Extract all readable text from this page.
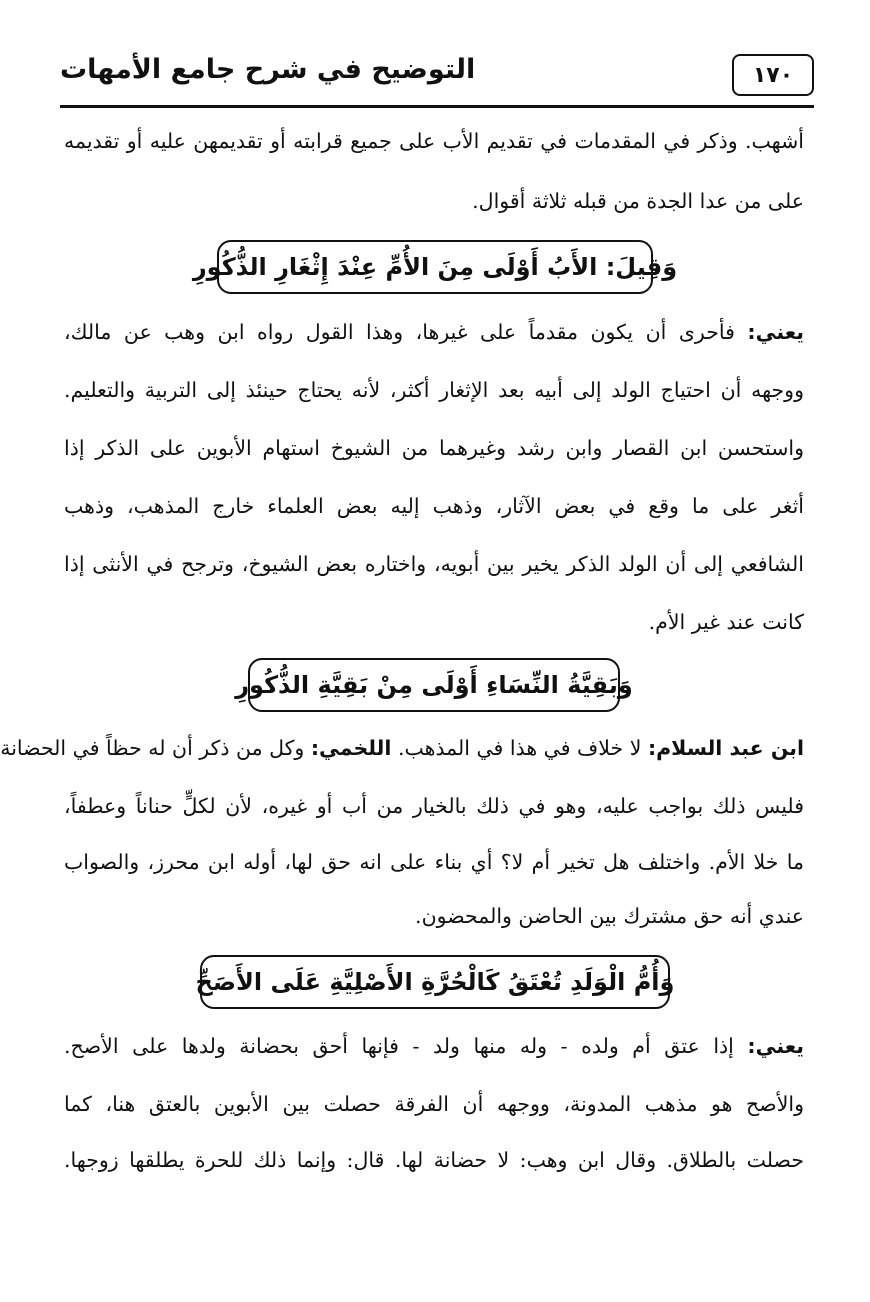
التوضيح في شرح جامع الأمهات	١٧٠
أشهب. وذكر في المقدمات في تقديم الأب على جميع قرابته أو تقديمهن عليه أو تقديمه
على من عدا الجدة من قبله ثلاثة أقوال.
وَقِيلَ: الأَبُ أَوْلَى مِنَ الأُمِّ عِنْدَ إِثْغَارِ الذُّكُورِ
يعني: فأحرى أن يكون مقدماً على غيرها، وهذا القول رواه ابن وهب عن مالك،
ووجهه أن احتياج الولد إلى أبيه بعد الإثغار أكثر، لأنه يحتاج حينئذ إلى التربية والتعليم.
واستحسن ابن القصار وابن رشد وغيرهما من الشيوخ استهام الأبوين على الذكر إذا
أثغر على ما وقع في بعض الآثار، وذهب إليه بعض العلماء خارج المذهب، وذهب
الشافعي إلى أن الولد الذكر يخير بين أبويه، واختاره بعض الشيوخ، وترجح في الأنثى إذا
كانت عند غير الأم.
وَبَقِيَّةُ النِّسَاءِ أَوْلَى مِنْ بَقِيَّةِ الذُّكُورِ
ابن عبد السلام: لا خلاف في هذا في المذهب. اللخمي: وكل من ذكر أن له حظاً في الحضانة
فليس ذلك بواجب عليه، وهو في ذلك بالخيار من أب أو غيره، لأن لكلٍّ حناناً وعطفاً،
ما خلا الأم. واختلف هل تخير أم لا؟ أي بناء على انه حق لها، أوله ابن محرز، والصواب
عندي أنه حق مشترك بين الحاضن والمحضون.
وَأُمُّ الْوَلَدِ تُعْتَقُ كَالْحُرَّةِ الأَصْلِيَّةِ عَلَى الأَصَحِّ
يعني: إذا عتق أم ولده - وله منها ولد - فإنها أحق بحضانة ولدها على الأصح.
والأصح هو مذهب المدونة، ووجهه أن الفرقة حصلت بين الأبوين بالعتق هنا، كما
حصلت بالطلاق. وقال ابن وهب: لا حضانة لها. قال: وإنما ذلك للحرة يطلقها زوجها.
